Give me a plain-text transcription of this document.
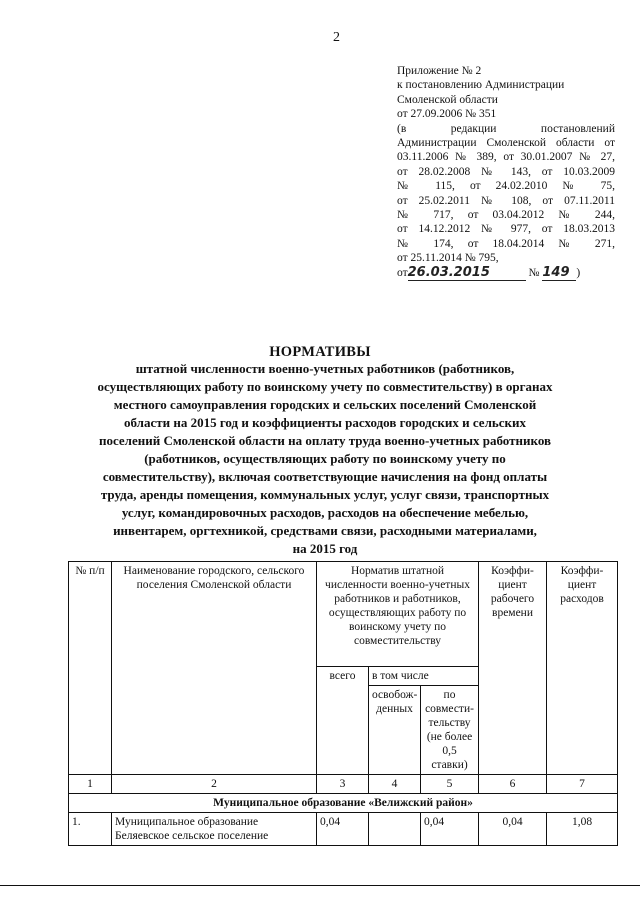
2
Приложение № 2
к постановлению Администрации
Смоленской области
от 27.09.2006 № 351
(в редакции постановлений
Администрации Смоленской области от
03.11.2006 № 389, от 30.01.2007 № 27,
от 28.02.2008 № 143, от 10.03.2009
№ 115, от 24.02.2010 № 75,
от 25.02.2011 № 108, от 07.11.2011
№ 717, от 03.04.2012 № 244,
от 14.12.2012 № 977, от 18.03.2013
№ 174, от 18.04.2014 № 271,
от 25.11.2014 № 795,
от26.03.2015	№ 149 )
НОРМАТИВЫ
штатной численности военно-учетных работников (работников,
осуществляющих работу по воинскому учету по совместительству) в органах
местного самоуправления городских и сельских поселений Смоленской
области на 2015 год и коэффициенты расходов городских и сельских
поселений Смоленской области на оплату труда военно-учетных работников
(работников, осуществляющих работу по воинскому учету по
совместительству), включая соответствующие начисления на фонд оплаты
труда, аренды помещения, коммунальных услуг, услуг связи, транспортных
услуг, командировочных расходов, расходов на обеспечение мебелью,
инвентарем, оргтехникой, средствами связи, расходными материалами,
на 2015 год
№ п/п	Наименование городского, сельского поселения Смоленской области	Норматив штатной численности военно-учетных работников и работников, осуществляющих работу по воинскому учету по совместительству			Коэффи-циент рабочего времени	Коэффи-циент расходов
		всего	в том числе			
			освобож-денных	по совмести-тельству (не более 0,5 ставки)		
1	2	3	4	5	6	7
Муниципальное образование «Велижский район»						
1.	Муниципальное образование Беляевское сельское поселение	0,04		0,04	0,04	1,08
